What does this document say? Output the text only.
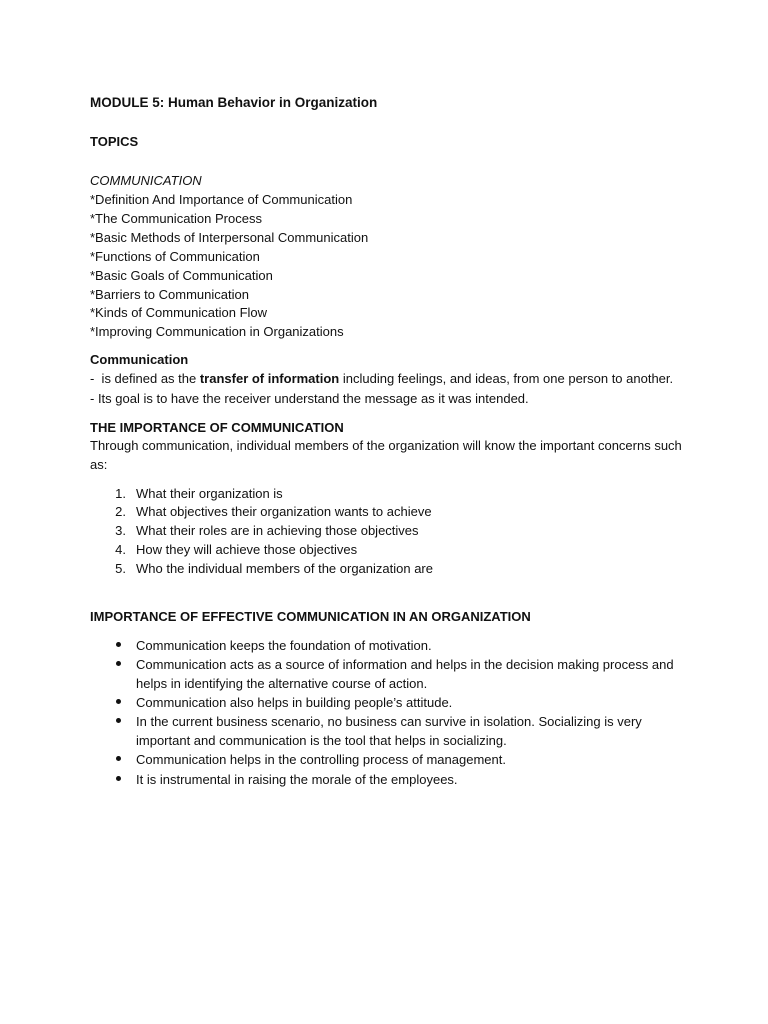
MODULE 5: Human Behavior in Organization
TOPICS
COMMUNICATION
*Definition And Importance of Communication
*The Communication Process
*Basic Methods of Interpersonal Communication
*Functions of Communication
*Basic Goals of Communication
*Barriers to Communication
*Kinds of Communication Flow
*Improving Communication in Organizations
Communication
-  is defined as the transfer of information including feelings, and ideas, from one person to another.
- Its goal is to have the receiver understand the message as it was intended.
THE IMPORTANCE OF COMMUNICATION
Through communication, individual members of the organization will know the important concerns such
as:
1. What their organization is
2. What objectives their organization wants to achieve
3. What their roles are in achieving those objectives
4. How they will achieve those objectives
5. Who the individual members of the organization are
IMPORTANCE OF EFFECTIVE COMMUNICATION IN AN ORGANIZATION
Communication keeps the foundation of motivation.
Communication acts as a source of information and helps in the decision making process and helps in identifying the alternative course of action.
Communication also helps in building people’s attitude.
In the current business scenario, no business can survive in isolation. Socializing is very important and communication is the tool that helps in socializing.
Communication helps in the controlling process of management.
It is instrumental in raising the morale of the employees.
